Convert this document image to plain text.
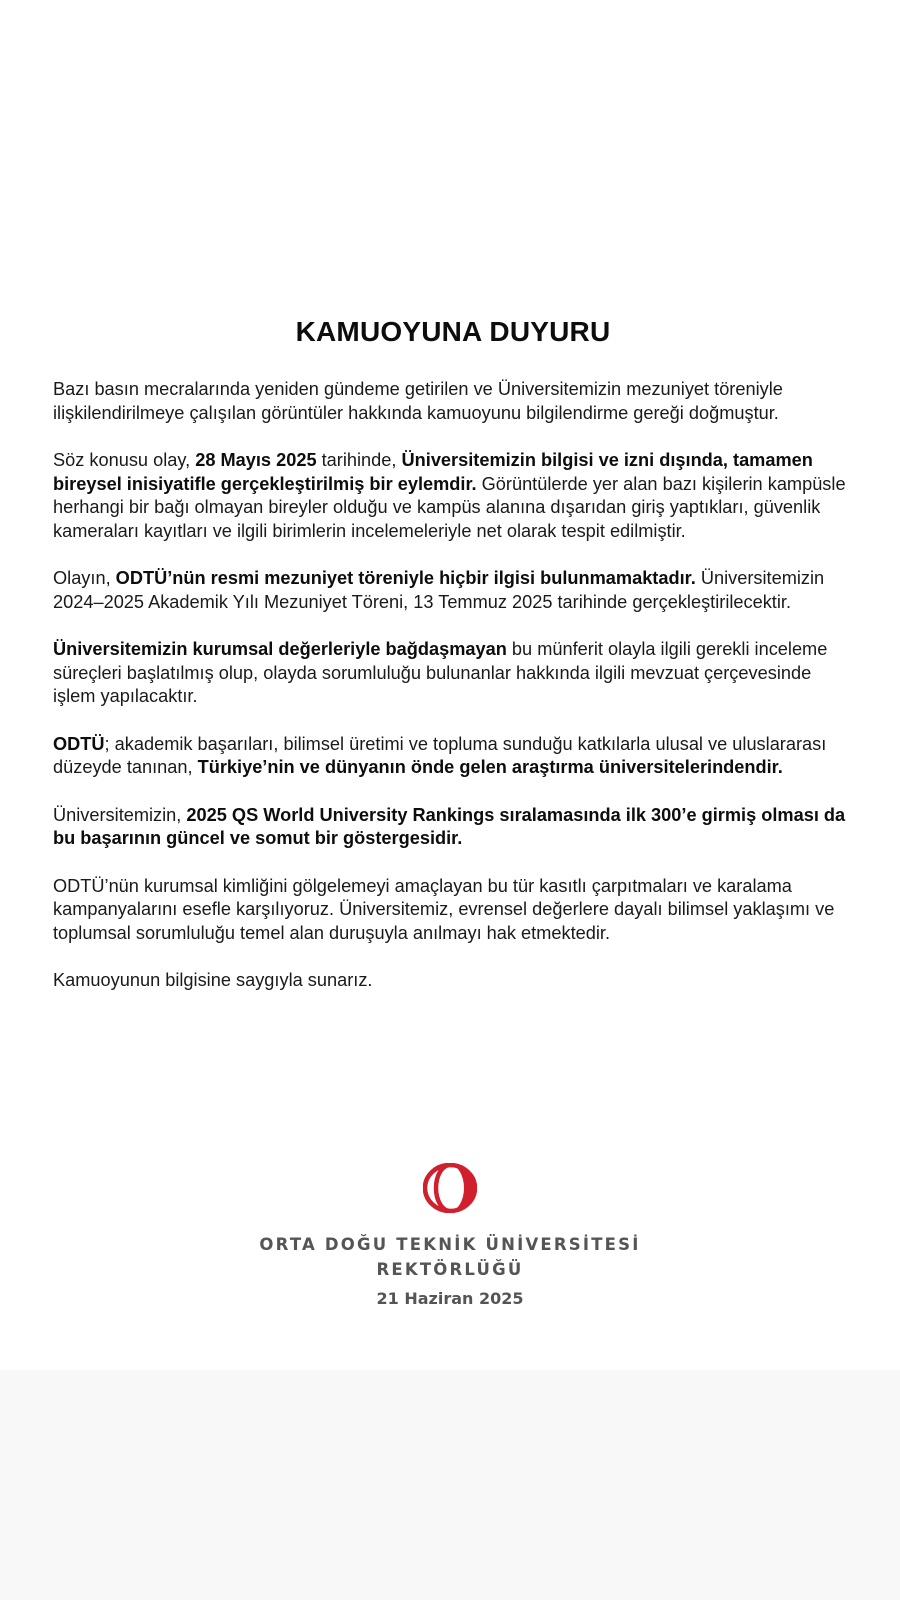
KAMUOYUNA DUYURU

Bazı basın mecralarında yeniden gündeme getirilen ve Üniversitemizin mezuniyet töreniyle ilişkilendirilmeye çalışılan görüntüler hakkında kamuoyunu bilgilendirme gereği doğmuştur.

Söz konusu olay, 28 Mayıs 2025 tarihinde, Üniversitemizin bilgisi ve izni dışında, tamamen bireysel inisiyatifle gerçekleştirilmiş bir eylemdir. Görüntülerde yer alan bazı kişilerin kampüsle herhangi bir bağı olmayan bireyler olduğu ve kampüs alanına dışarıdan giriş yaptıkları, güvenlik kameraları kayıtları ve ilgili birimlerin incelemeleriyle net olarak tespit edilmiştir.

Olayın, ODTÜ’nün resmi mezuniyet töreniyle hiçbir ilgisi bulunmamaktadır. Üniversitemizin 2024–2025 Akademik Yılı Mezuniyet Töreni, 13 Temmuz 2025 tarihinde gerçekleştirilecektir.

Üniversitemizin kurumsal değerleriyle bağdaşmayan bu münferit olayla ilgili gerekli inceleme süreçleri başlatılmış olup, olayda sorumluluğu bulunanlar hakkında ilgili mevzuat çerçevesinde işlem yapılacaktır.

ODTÜ; akademik başarıları, bilimsel üretimi ve topluma sunduğu katkılarla ulusal ve uluslararası düzeyde tanınan, Türkiye’nin ve dünyanın önde gelen araştırma üniversitelerindendir.

Üniversitemizin, 2025 QS World University Rankings sıralamasında ilk 300’e girmiş olması da bu başarının güncel ve somut bir göstergesidir.

ODTÜ’nün kurumsal kimliğini gölgelemeyi amaçlayan bu tür kasıtlı çarpıtmaları ve karalama kampanyalarını esefle karşılıyoruz. Üniversitemiz, evrensel değerlere dayalı bilimsel yaklaşımı ve toplumsal sorumluluğu temel alan duruşuyla anılmayı hak etmektedir.

Kamuoyunun bilgisine saygıyla sunarız.

ORTA DOĞU TEKNİK ÜNİVERSİTESİ
REKTÖRLÜĞÜ
21 Haziran 2025
